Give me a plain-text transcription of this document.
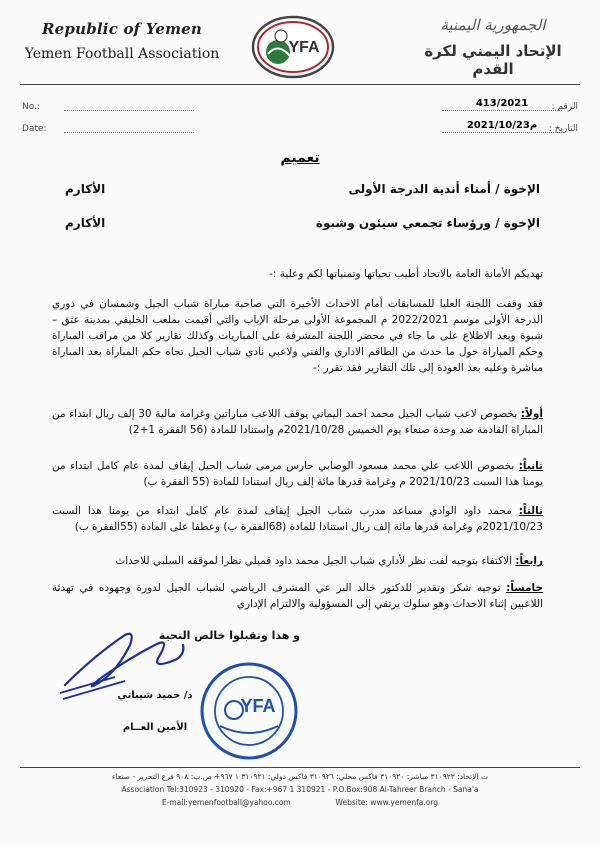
Republic of Yemen
Yemen Football Association	YFA
الجمهورية اليمنية
الإتحاد اليمني لكرة القدم
No.:	413/2021	الرقم :
Date:	2021/10/23م	التاريخ :
تعميم
الأكارم	الإخوة / أمناء أندية الدرجة الأولى
الأكارم	الإخوة / ورؤساء تجمعي سيئون وشبوة
تهديكم الأمانة العامة بالاتحاد أطيب تحياتها وتمنياتها لكم وعلية :-
فقد وقفت اللجنة العليا للمسابقات أمام الاحداث الأخيرة التي صاحبة مباراة شباب الجيل وشمسان في دوري الدرجة الأولى موسم 2022/2021 م المجموعة الأولى مرحلة الإياب والتي أقيمت بملعب الخليفي بمدينة عتق – شبوة وبعد الاطلاع على ما جاء في محضر اللجنة المشرفة على المباريات وكذلك تقارير كلا من مراقب المباراة وحكم المباراة حول ما حدث من الطاقم الاداري والفني ولاعبي نادي شباب الجيل تجاه حكم المباراة بعد المباراة مباشرة وعليه بعد العودة إلى تلك التقارير فقد تقرر :-
أولاً: بخصوص لاعب شباب الجيل محمد احمد اليماني يوقف اللاعب مباراتين وغرامة مالية 30 إلف ريال ابتداء من المباراة القادمة ضد وحدة صنعاء يوم الخميس 2021/10/28م واستنادا للمادة (56 الفقرة 1+2)
ثانياً: بخصوص اللاعب علي محمد مسعود الوصابي حارس مرمى شباب الجيل إيقاف لمدة عام كامل ابتداء من يومنا هذا السبت 2021/10/23 م وغرامة قدرها مائة إلف ريال استنادا للمادة (55 الفقرة ب)
ثالثاً: محمد داود الوادي مساعد مدرب شباب الجيل إيقاف لمدة عام كامل ابتداء من يومنا هذا السبت 2021/10/23م وغرامة قدرها مائة إلف ريال استنادا للمادة (68الفقرة ب) وعطفا على المادة (55الفقرة ب)
رابعاً: الاكتفاء بتوجيه لفت نظر لأداري شباب الجيل محمد داود قميلي نظرا لموقفه السلبي للاحداث
خامساً: توجيه شكر وتقدير للدكتور خالد البر عي المشرف الرياضي لشباب الجيل لدورة وجهوده في تهدئة اللاعبين إثناء الاحداث وهو سلوك يرتقي إلى المسؤولية والالتزام الإداري
و هذا وتقبلوا خالص التحية
د/ حميد شيباني
الأمين العــام
YFA
ت الإتحاد: ٣١٠٩٢٣ مباشر: ٣١٠٩٢٠ فاكس محلي: ٣١٠٩٢٦ فاكس دولي: ٣١٠٩٢١ ١ ٩٦٧+ ص.ب: ٩٠٨ فرع التحرير - صنعاء
Association Tel:310923 - 310920 - Fax:+967 1 310921 - P.O.Box:908 Al-Tahreer Branch - Sana'a
E-mail:yemenfootball@yahoo.com	Website: www.yemenfa.org
